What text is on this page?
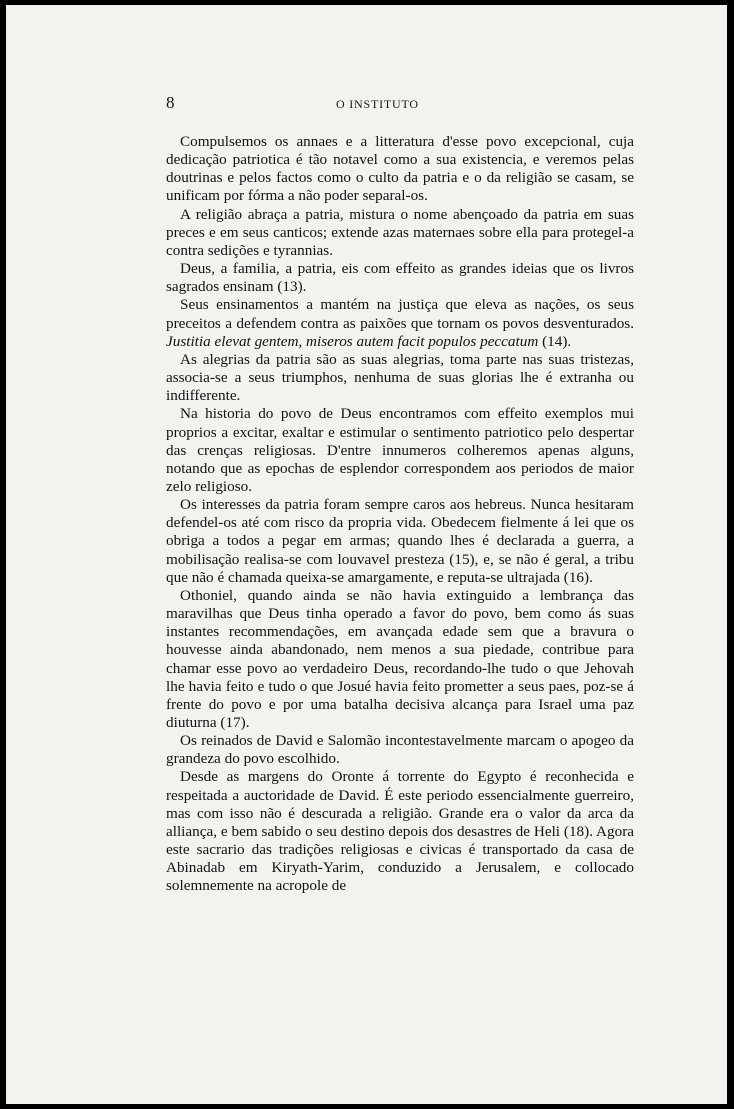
8	O INSTITUTO

Compulsemos os annaes e a litteratura d'esse povo excepcional, cuja dedicação patriotica é tão notavel como a sua existencia, e veremos pelas doutrinas e pelos factos como o culto da patria e o da religião se casam, se unificam por fórma a não poder separal-os.

A religião abraça a patria, mistura o nome abençoado da patria em suas preces e em seus canticos; extende azas maternaes sobre ella para protegel-a contra sedições e tyrannias.

Deus, a familia, a patria, eis com effeito as grandes ideias que os livros sagrados ensinam (13).

Seus ensinamentos a mantém na justiça que eleva as nações, os seus preceitos a defendem contra as paixões que tornam os povos desventurados. Justitia elevat gentem, miseros autem facit populos peccatum (14).

As alegrias da patria são as suas alegrias, toma parte nas suas tristezas, associa-se a seus triumphos, nenhuma de suas glorias lhe é extranha ou indifferente.

Na historia do povo de Deus encontramos com effeito exemplos mui proprios a excitar, exaltar e estimular o sentimento patriotico pelo despertar das crenças religiosas. D'entre innumeros colheremos apenas alguns, notando que as epochas de esplendor correspondem aos periodos de maior zelo religioso.

Os interesses da patria foram sempre caros aos hebreus. Nunca hesitaram defendel-os até com risco da propria vida. Obedecem fielmente á lei que os obriga a todos a pegar em armas; quando lhes é declarada a guerra, a mobilisação realisa-se com louvavel presteza (15), e, se não é geral, a tribu que não é chamada queixa-se amargamente, e reputa-se ultrajada (16).

Othoniel, quando ainda se não havia extinguido a lembrança das maravilhas que Deus tinha operado a favor do povo, bem como ás suas instantes recommendações, em avançada edade sem que a bravura o houvesse ainda abandonado, nem menos a sua piedade, contribue para chamar esse povo ao verdadeiro Deus, recordando-lhe tudo o que Jehovah lhe havia feito e tudo o que Josué havia feito prometter a seus paes, poz-se á frente do povo e por uma batalha decisiva alcança para Israel uma paz diuturna (17).

Os reinados de David e Salomão incontestavelmente marcam o apogeo da grandeza do povo escolhido.

Desde as margens do Oronte á torrente do Egypto é reconhecida e respeitada a auctoridade de David. É este periodo essencialmente guerreiro, mas com isso não é descurada a religião. Grande era o valor da arca da alliança, e bem sabido o seu destino depois dos desastres de Heli (18). Agora este sacrario das tradições religiosas e civicas é transportado da casa de Abinadab em Kiryath-Yarim, conduzido a Jerusalem, e collocado solemnemente na acropole de
